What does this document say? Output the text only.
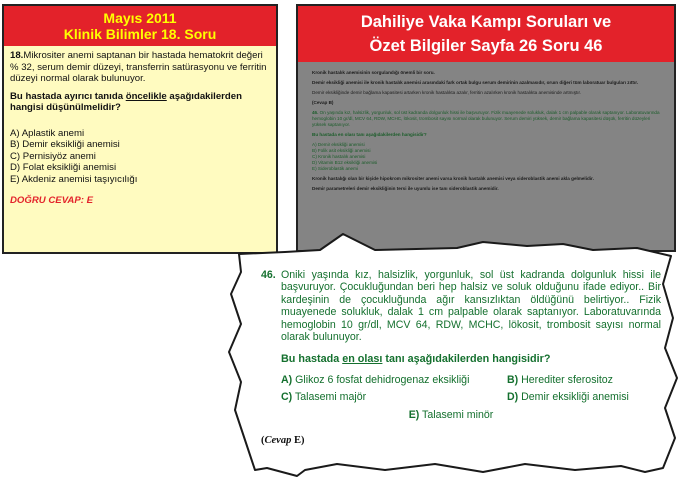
Mayıs 2011
Klinik Bilimler 18. Soru
18.Mikrositer anemi saptanan bir hastada hematokrit değeri % 32, serum demir düzeyi, transferrin satürasyonu ve ferritin düzeyi normal olarak bulunuyor.
Bu hastada ayırıcı tanıda öncelikle aşağıdakilerden hangisi düşünülmelidir?
A) Aplastik anemi
B) Demir eksikliği anemisi
C) Pernisiyöz anemi
D) Folat eksikliği anemisi
E) Akdeniz anemisi taşıyıcılığı
DOĞRU CEVAP: E
Dahiliye Vaka Kampı Soruları ve
Özet Bilgiler Sayfa 26 Soru 46

Kronik hastalık anemisinin sorgulandığı önemli bir soru.

Demir eksikliği anemisi ile kronik hastalık anemisi arasındaki fark ortak bulgu serum demirinin azalmasıdır, oruın diğeri tüm laboratuar bulguları zıttır.

Demir eksikliğinde demir bağlama kapasitesi artarken kronik hastalıkta azalır, ferritin azalırken kronik hastalıkta anemisinde artmıştır.

(Cevap B)

46. On yaşında kız, halsizlik, yorgunluk, sol üst kadranda dolgunluk hissi ile başvuruyor. Fizik muayenede solukluk, dalak 1 cm palpable olarak saptanıyor. Laboratuvarında hemoglobin 10 gr/dl, MCV 64, RDW, MCHC, lökosit, trombosit sayısı normal olarak bulunuyor. Serum demiri yüksek, demir bağlama kapasitesi düşük, ferritin düzeyleri yüksek saptanıyor.

Bu hastada en olası tanı aşağıdakilerden hangisidir?

A) Demir eksikliği anemisi
B) Folik asit eksikliği anemisi
C) Kronik hastalık anemisi
D) Vitamin B12 eksikliği anemisi
E) Sideroblastik anemi

Kronik hastalığı olan bir kişide hipokrom mikrositer anemi varsa kronik hastalık anemisi veya sideroblastik anemi akla gelmelidir.

Demir parametreleri demir eksikliğinin tersi ile uyumlu ise tanı sideroblastik anemidir.

46. Oniki yaşında kız, halsizlik, yorgunluk, sol üst kadranda dolgunluk hissi ile başvuruyor. Çocukluğundan beri hep halsiz ve soluk olduğunu ifade ediyor.. Bir kardeşinin de çocukluğunda ağır kansızlıktan öldüğünü belirtiyor.. Fizik muayenede solukluk, dalak 1 cm palpable olarak saptanıyor. Laboratuvarında hemoglobin 10 gr/dl, MCV 64, RDW, MCHC, lökosit, trombosit sayısı normal olarak bulunuyor.
Bu hastada en olası tanı aşağıdakilerden hangisidir?
A) Glikoz 6 fosfat dehidrogenaz eksikliği	B) Herediter sferositoz
C) Talasemi majör	D) Demir eksikliği anemisi
E) Talasemi minör
(Cevap E)
